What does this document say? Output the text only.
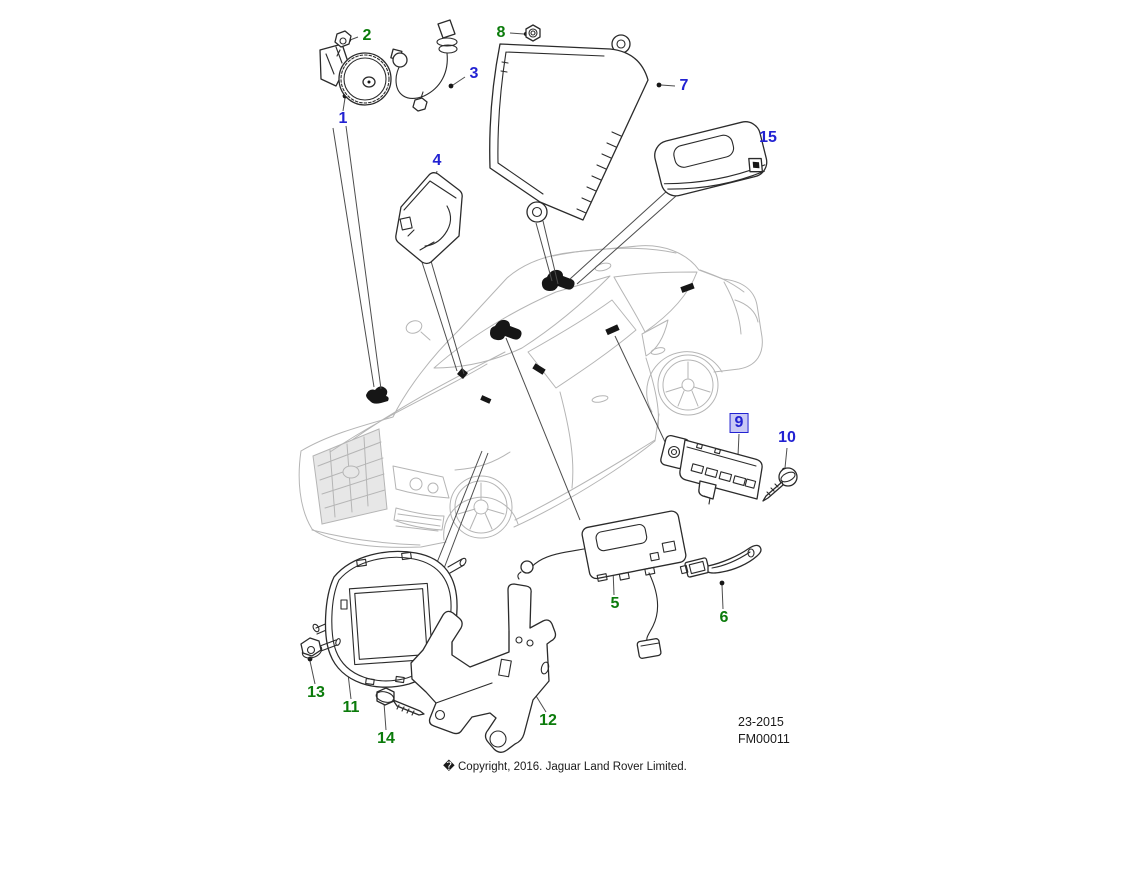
1
2
3
4
5
6
7
8
9
10
11
12
13
14
15
23-2015
FM00011
� Copyright, 2016. Jaguar Land Rover Limited.
